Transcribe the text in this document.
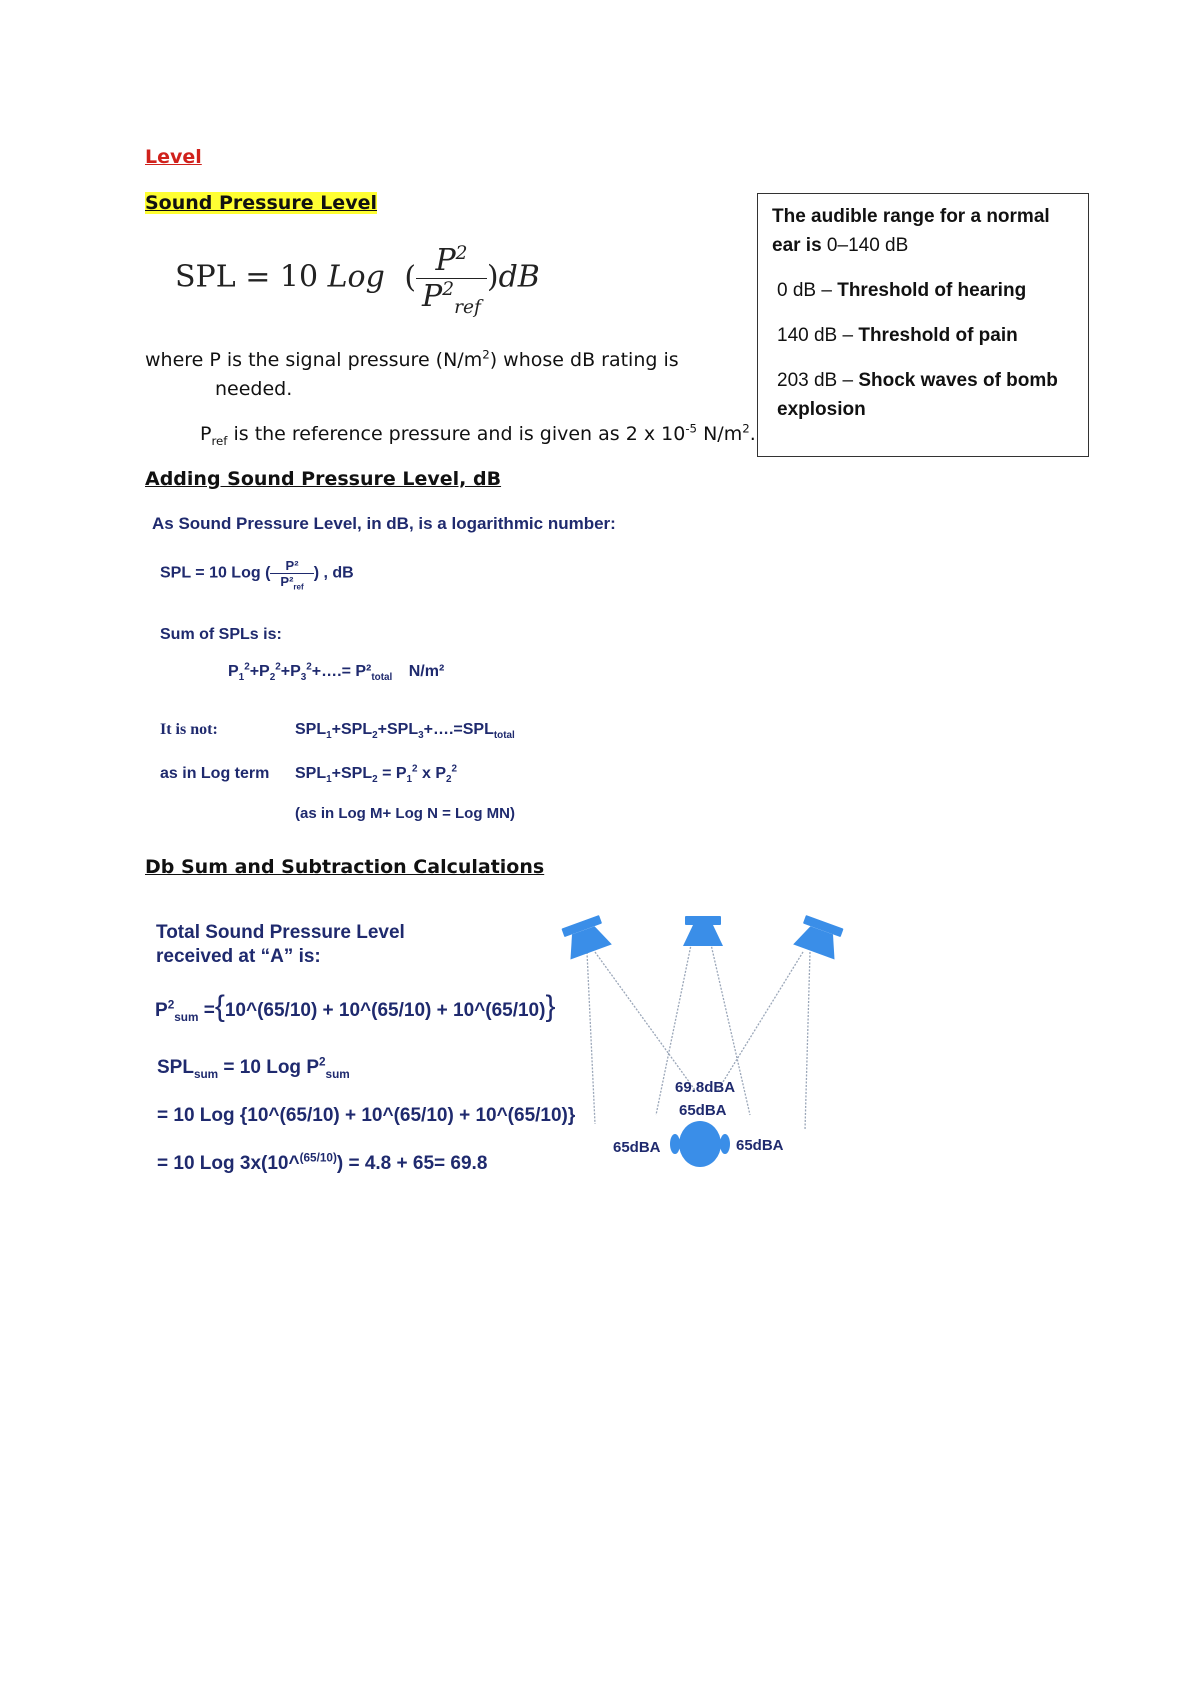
Level
Sound Pressure Level
SPL = 10 Log ( $\frac{P^2}{P^2_{ref}} )dB$
where P is the signal pressure $(N/m^2)$ whose dB rating is
needed.
$P_{ref}$ is the reference pressure and is given as 2 x $10^{-5}$ $N/m^2$.

The audible range for a normal ear is 0–140 dB

0 dB – Threshold of hearing

140 dB – Threshold of pain

203 dB – Shock waves of bomb explosion

Adding Sound Pressure Level, dB
As Sound Pressure Level, in dB, is a logarithmic number:
SPL = 10 Log ( $\frac{\text{P²}}{P^2_{ref}}$ ) , dB
Sum of SPLs is:
$P_1^2+P_2^2+P_3^2+\dots.= P^2_{total}$ N/m²
It is not:	$SPL_1+SPL_2+SPL_3+\dots.=SPL_{total}$
as in Log term $SPL_1+SPL_2 = P_1^2$ x $P_2^2$
(as in Log M+ Log N = Log MN)
Db Sum and Subtraction Calculations
Total Sound Pressure Level
received at “A” is:
$P^2_{sum}$ ={10^(65/10) + 10^(65/10) + 10^(65/10)}
$SPL_{sum} = 10$ Log $P^2_{sum}$
= 10 Log {10^(65/10) + 10^(65/10) + 10^(65/10)}
= 10 Log 3x(10^$^{(65/10)}$) = 4.8 + 65= 69.8
69.8dBA
65dBA
65dBA	65dBA
